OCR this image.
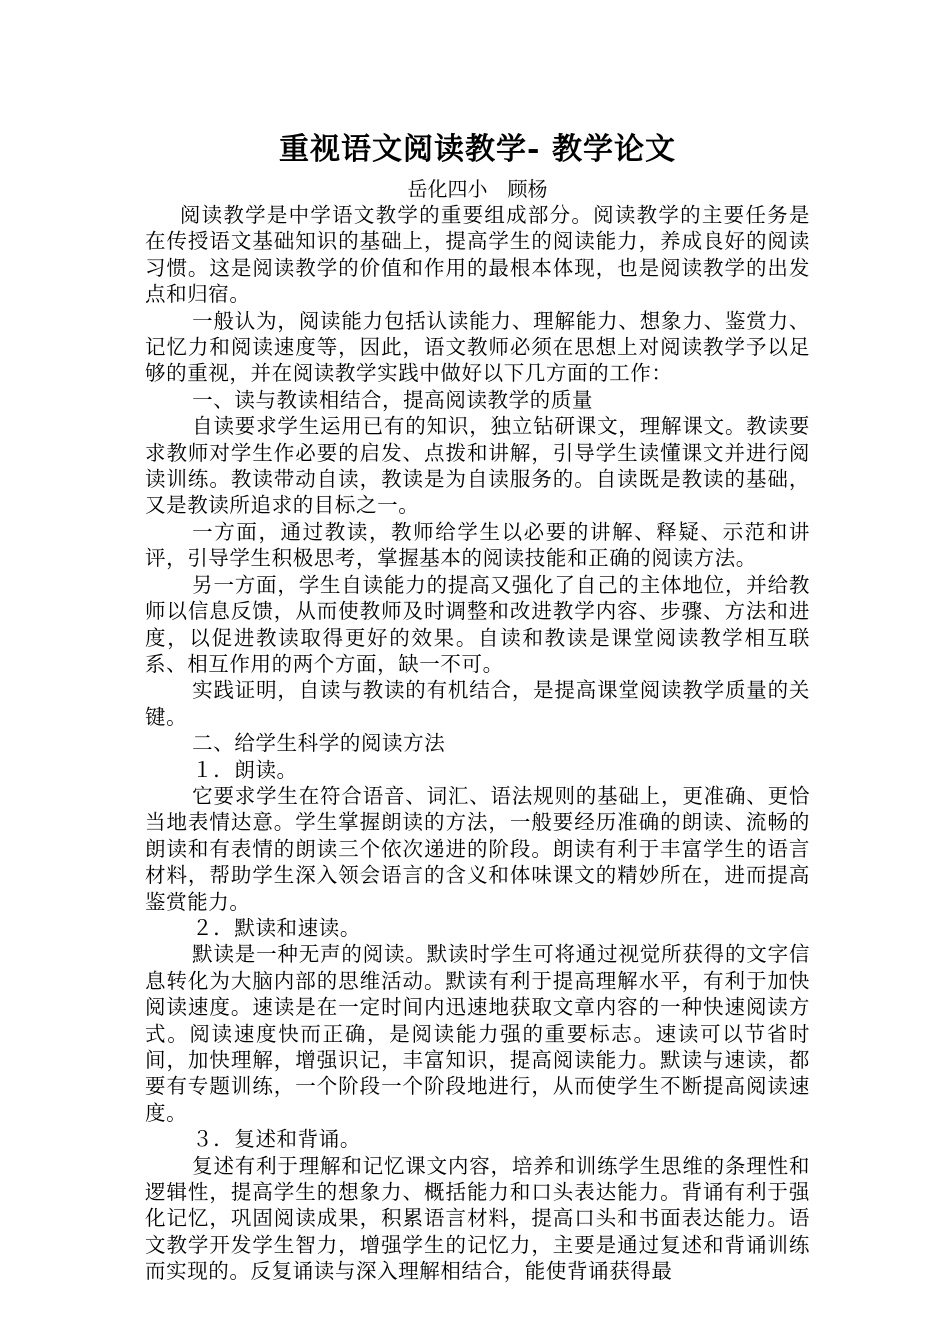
重视语文阅读教学- 教学论文

岳化四小 顾杨

阅读教学是中学语文教学的重要组成部分。阅读教学的主要任务是在传授语文基础知识的基础上，提高学生的阅读能力，养成良好的阅读习惯。这是阅读教学的价值和作用的最根本体现，也是阅读教学的出发点和归宿。

一般认为，阅读能力包括认读能力、理解能力、想象力、鉴赏力、记忆力和阅读速度等，因此，语文教师必须在思想上对阅读教学予以足够的重视，并在阅读教学实践中做好以下几方面的工作：

一、读与教读相结合，提高阅读教学的质量

自读要求学生运用已有的知识，独立钻研课文，理解课文。教读要求教师对学生作必要的启发、点拨和讲解，引导学生读懂课文并进行阅读训练。教读带动自读，教读是为自读服务的。自读既是教读的基础，又是教读所追求的目标之一。

一方面，通过教读，教师给学生以必要的讲解、释疑、示范和讲评，引导学生积极思考，掌握基本的阅读技能和正确的阅读方法。

另一方面，学生自读能力的提高又强化了自己的主体地位，并给教师以信息反馈，从而使教师及时调整和改进教学内容、步骤、方法和进度，以促进教读取得更好的效果。自读和教读是课堂阅读教学相互联系、相互作用的两个方面，缺一不可。

实践证明，自读与教读的有机结合，是提高课堂阅读教学质量的关键。

二、给学生科学的阅读方法

１．朗读。

它要求学生在符合语音、词汇、语法规则的基础上，更准确、更恰当地表情达意。学生掌握朗读的方法，一般要经历准确的朗读、流畅的朗读和有表情的朗读三个依次递进的阶段。朗读有利于丰富学生的语言材料，帮助学生深入领会语言的含义和体味课文的精妙所在，进而提高鉴赏能力。

２．默读和速读。

默读是一种无声的阅读。默读时学生可将通过视觉所获得的文字信息转化为大脑内部的思维活动。默读有利于提高理解水平，有利于加快阅读速度。速读是在一定时间内迅速地获取文章内容的一种快速阅读方式。阅读速度快而正确，是阅读能力强的重要标志。速读可以节省时间，加快理解，增强识记，丰富知识，提高阅读能力。默读与速读，都要有专题训练，一个阶段一个阶段地进行，从而使学生不断提高阅读速度。

３．复述和背诵。

复述有利于理解和记忆课文内容，培养和训练学生思维的条理性和逻辑性，提高学生的想象力、概括能力和口头表达能力。背诵有利于强化记忆，巩固阅读成果，积累语言材料，提高口头和书面表达能力。语文教学开发学生智力，增强学生的记忆力，主要是通过复述和背诵训练而实现的。反复诵读与深入理解相结合，能使背诵获得最
